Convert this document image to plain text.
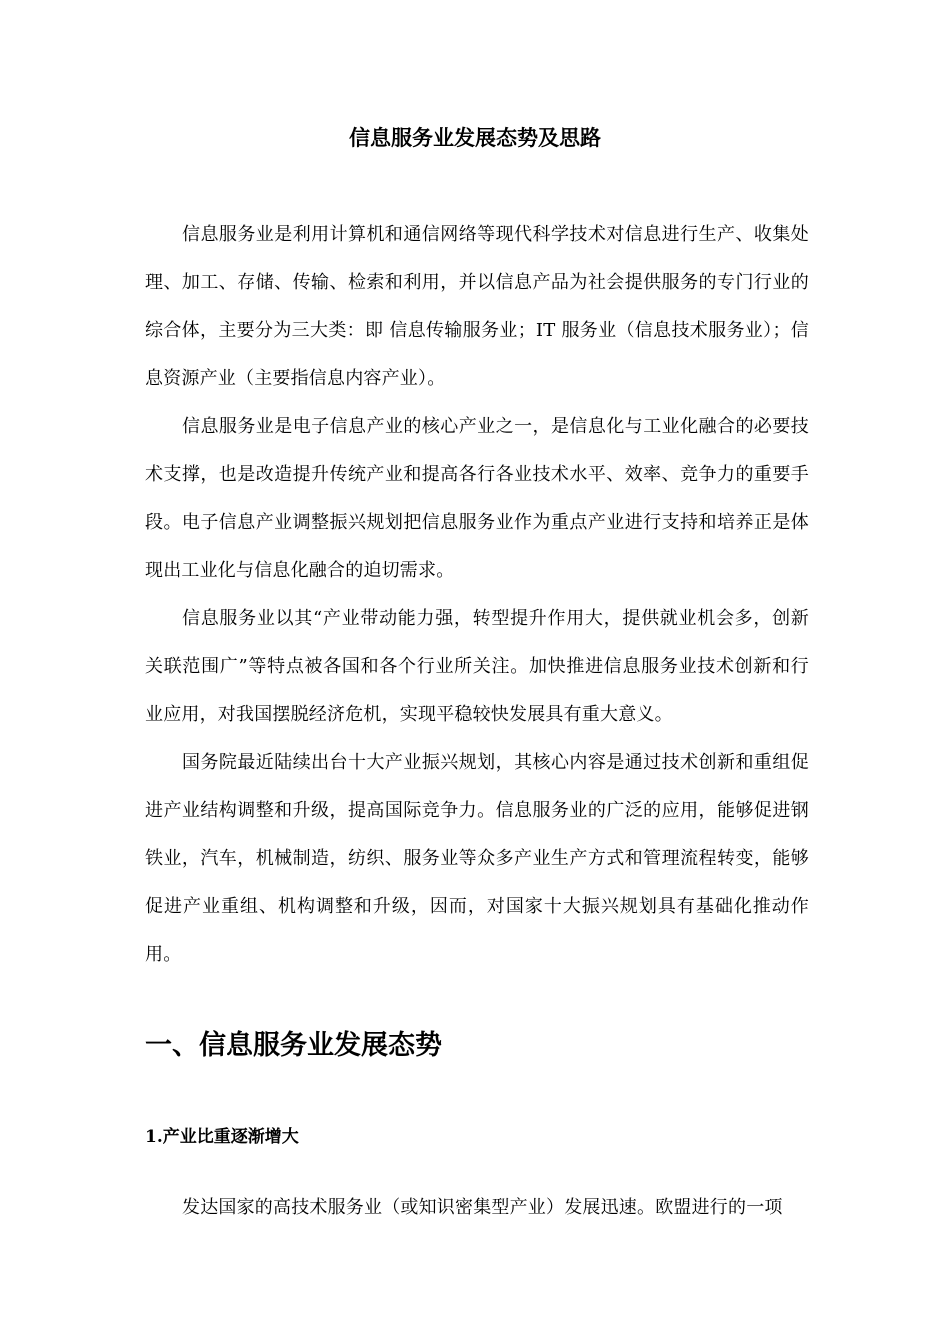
信息服务业发展态势及思路

信息服务业是利用计算机和通信网络等现代科学技术对信息进行生产、收集处理、加工、存储、传输、检索和利用，并以信息产品为社会提供服务的专门行业的综合体，主要分为三大类：即 信息传输服务业；IT 服务业（信息技术服务业）；信息资源产业（主要指信息内容产业）。

信息服务业是电子信息产业的核心产业之一，是信息化与工业化融合的必要技术支撑，也是改造提升传统产业和提高各行各业技术水平、效率、竞争力的重要手段。电子信息产业调整振兴规划把信息服务业作为重点产业进行支持和培养正是体现出工业化与信息化融合的迫切需求。

信息服务业以其“产业带动能力强，转型提升作用大，提供就业机会多，创新关联范围广”等特点被各国和各个行业所关注。加快推进信息服务业技术创新和行业应用，对我国摆脱经济危机，实现平稳较快发展具有重大意义。

国务院最近陆续出台十大产业振兴规划，其核心内容是通过技术创新和重组促进产业结构调整和升级，提高国际竞争力。信息服务业的广泛的应用，能够促进钢铁业，汽车，机械制造，纺织、服务业等众多产业生产方式和管理流程转变，能够促进产业重组、机构调整和升级，因而，对国家十大振兴规划具有基础化推动作用。

一、信息服务业发展态势
1.产业比重逐渐增大

发达国家的高技术服务业（或知识密集型产业）发展迅速。欧盟进行的一项
